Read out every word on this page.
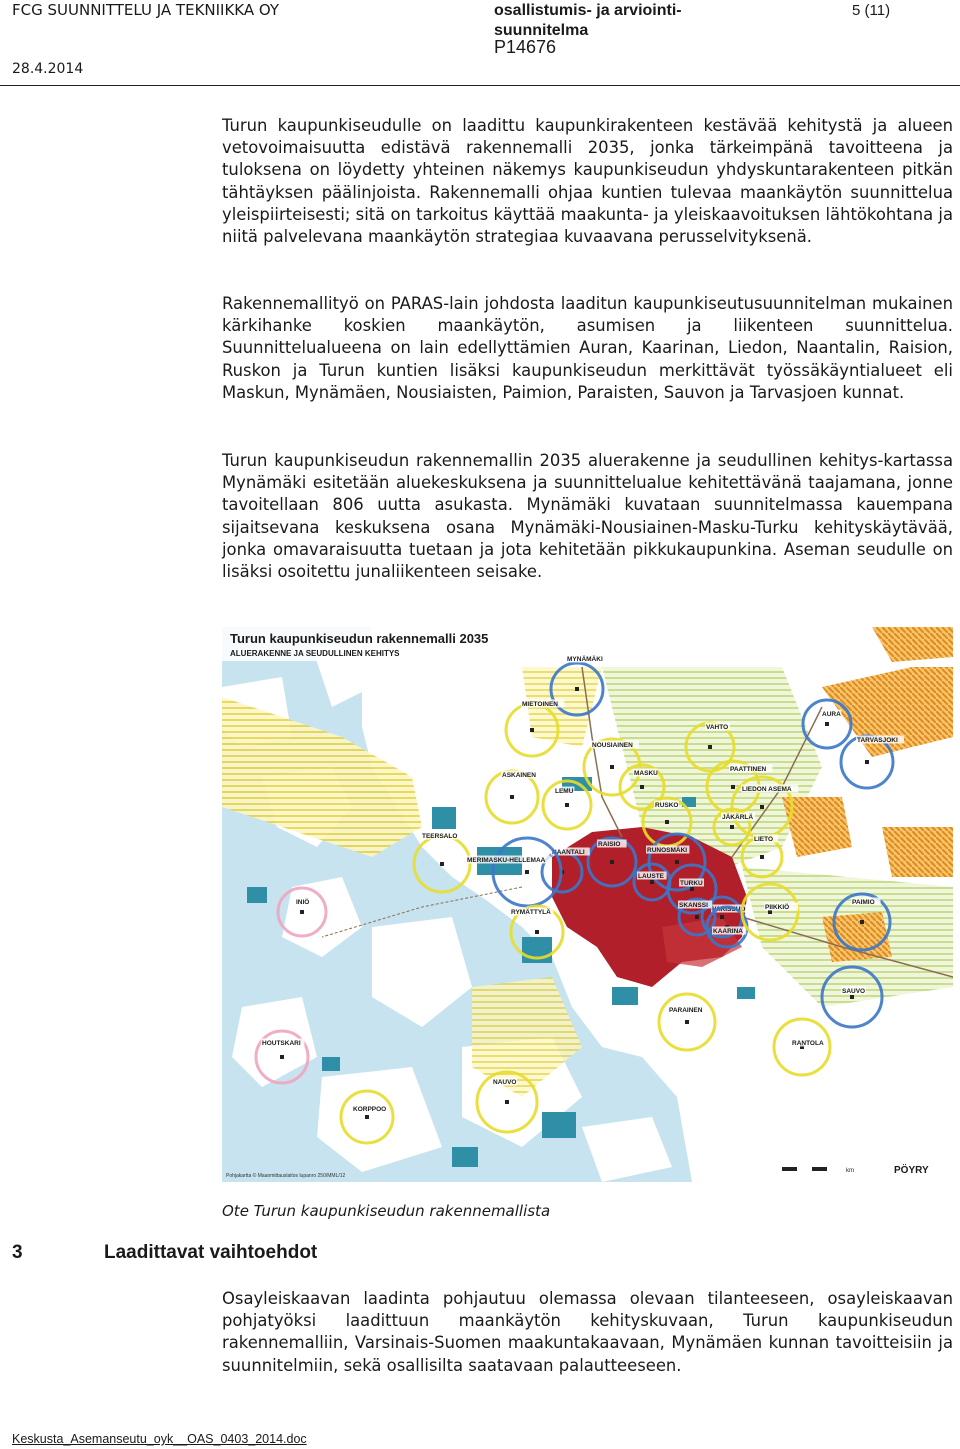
FCG SUUNNITTELU JA TEKNIIKKA OY
28.4.2014
osallistumis- ja arviointi-
suunnitelma
P14676
5 (11)

Turun kaupunkiseudulle on laadittu kaupunkirakenteen kestävää kehitystä ja alueen vetovoimaisuutta edistävä rakennemalli 2035, jonka tärkeimpänä tavoitteena ja tuloksena on löydetty yhteinen näkemys kaupunkiseudun yhdyskuntarakenteen pitkän tähtäyksen päälinjoista. Rakennemalli ohjaa kuntien tulevaa maankäytön suunnittelua yleispiirteisesti; sitä on tarkoitus käyttää maakunta- ja yleiskaavoituksen lähtökohtana ja niitä palvelevana maankäytön strategiaa kuvaavana perusselvityksenä.

Rakennemallityö on PARAS-lain johdosta laaditun kaupunkiseutusuunnitelman mukainen kärkihanke koskien maankäytön, asumisen ja liikenteen suunnittelua. Suunnittelualueena on lain edellyttämien Auran, Kaarinan, Liedon, Naantalin, Raision, Ruskon ja Turun kuntien lisäksi kaupunkiseudun merkittävät työssäkäyntialueet eli Maskun, Mynämäen, Nousiaisten, Paimion, Paraisten, Sauvon ja Tarvasjoen kunnat.

Turun kaupunkiseudun rakennemallin 2035 aluerakenne ja seudullinen kehitys-kartassa Mynämäki esitetään aluekeskuksena ja suunnittelualue kehitettävänä taajamana, jonne tavoitellaan 806 uutta asukasta. Mynämäki kuvataan suunnitelmassa kauempana sijaitsevana keskuksena osana Mynämäki-Nousiainen-Masku-Turku kehityskäytävää, jonka omavaraisuutta tuetaan ja jota kehitetään pikkukaupunkina. Aseman seudulle on lisäksi osoitettu junaliikenteen seisake.

MYNÄMÄKI
AURA
MIETOINEN
VAHTO
PAATTINEN
NOUSIAINEN
ASKAINEN
LEMU
MASKU
LIEDON ASEMA
TARVASJOKI
RUSKO
JÄKÄRLÄ
LIETO
RAISIO
RUNOSMÄKI
TEERSALO
NAANTALI
MERIMASKU-HELLEMAA
LAUSTE
TURKU
VARISSUO
INIÖ
RYMÄTTYLÄ
SKANSSI
KAARINA
PIIKKIÖ
PAIMIO
SAUVO
PARAINEN
RANTOLA
HOUTSKARI
NAUVO
KORPPOO
Turun kaupunkiseudun rakennemalli 2035
ALUERAKENNE JA SEUDULLINEN KEHITYS
Pohjakartta © Maanmittauslaitos lupanro 250/MML/12
km	PÖYRY
Ote Turun kaupunkiseudun rakennemallista
3	Laadittavat vaihtoehdot

Osayleiskaavan laadinta pohjautuu olemassa olevaan tilanteeseen, osayleiskaavan pohjatyöksi laadittuun maankäytön kehityskuvaan, Turun kaupunkiseudun rakennemalliin, Varsinais-Suomen maakuntakaavaan, Mynämäen kunnan tavoitteisiin ja suunnitelmiin, sekä osallisilta saatavaan palautteeseen.

Keskusta_Asemanseutu_oyk__OAS_0403_2014.doc
